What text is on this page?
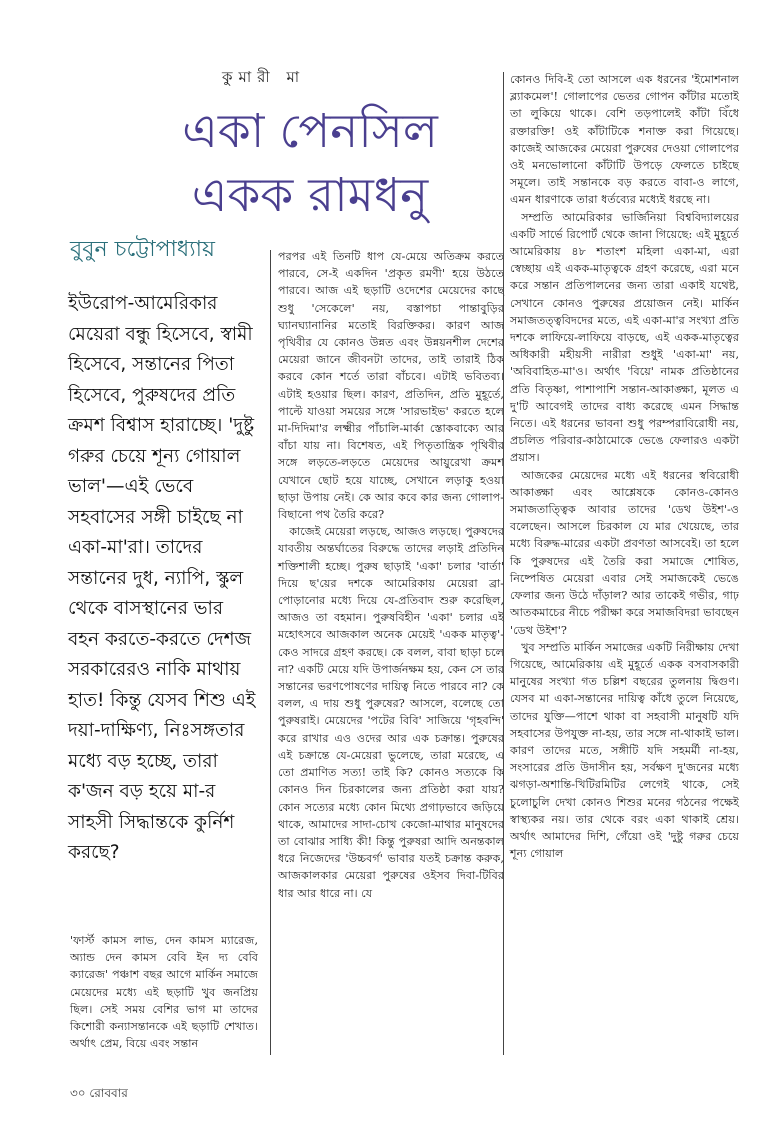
কুমারী মা
একা পেনসিল
একক রামধনু
বুবুন চট্টোপাধ্যায়
ইউরোপ-আমেরিকার মেয়েরা বন্ধু হিসেবে, স্বামী হিসেবে, সন্তানের পিতা হিসেবে, পুরুষদের প্রতি ক্রমশ বিশ্বাস হারাচ্ছে। 'দুষ্টু গরুর চেয়ে শূন্য গোয়াল ভাল'—এই ভেবে সহবাসের সঙ্গী চাইছে না একা-মা'রা। তাদের সন্তানের দুধ, ন্যাপি, স্কুল থেকে বাসস্থানের ভার বহন করতে-করতে দেশজ সরকারেরও নাকি মাথায় হাত! কিন্তু যেসব শিশু এই দয়া-দাক্ষিণ্য, নিঃসঙ্গতার মধ্যে বড় হচ্ছে, তারা ক'জন বড় হয়ে মা-র সাহসী সিদ্ধান্তকে কুর্নিশ করছে?
'ফার্স্ট কামস লাভ, দেন কামস ম্যারেজ, অ্যান্ড দেন কামস বেবি ইন দ্য বেবি ক্যারেজ' পঞ্চাশ বছর আগে মার্কিন সমাজে মেয়েদের মধ্যে এই ছড়াটি খুব জনপ্রিয় ছিল। সেই সময় বেশির ভাগ মা তাদের কিশোরী কন্যাসন্তানকে এই ছড়াটি শেখাত। অর্থাৎ প্রেম, বিয়ে এবং সন্তান

পরপর এই তিনটি ধাপ যে-মেয়ে অতিক্রম করতে পারবে, সে-ই একদিন 'প্রকৃত রমণী' হয়ে উঠতে পারবে। আজ এই ছড়াটি ওদেশের মেয়েদের কাছে শুধু 'সেকেলে' নয়, বস্তাপচা পান্তাবুড়ির ঘ্যানঘ্যানানির মতোই বিরক্তিকর। কারণ আজ পৃথিবীর যে কোনও উন্নত এবং উন্নয়নশীল দেশের মেয়েরা জানে জীবনটা তাদের, তাই তারাই ঠিক করবে কোন শর্তে তারা বাঁচবে। এটাই ভবিতব্য। এটাই হওয়ার ছিল। কারণ, প্রতিদিন, প্রতি মুহূর্তে, পাল্টে যাওয়া সময়ের সঙ্গে 'সারভাইভ' করতে হলে মা-দিদিমা'র লক্ষ্মীর পাঁচালি-মার্কা স্তোকবাক্যে আর বাঁচা যায় না। বিশেষত, এই পিতৃতান্ত্রিক পৃথিবীর সঙ্গে লড়তে-লড়তে মেয়েদের আয়ুরেখা ক্রমশ যেখানে ছোট হয়ে যাচ্ছে, সেখানে লড়াকু হওয়া ছাড়া উপায় নেই। কে আর কবে কার জন্য গোলাপ-বিছানো পথ তৈরি করে?

কাজেই মেয়েরা লড়ছে, আজও লড়ছে। পুরুষদের যাবতীয় অন্তর্ঘাতের বিরুদ্ধে তাদের লড়াই প্রতিদিন শক্তিশালী হচ্ছে। পুরুষ ছাড়াই 'একা' চলার 'বার্তা' দিয়ে ছ'য়ের দশকে আমেরিকায় মেয়েরা ব্রা-পোড়ানোর মধ্যে দিয়ে যে-প্রতিবাদ শুরু করেছিল, আজও তা বহমান। পুরুষবিহীন 'একা' চলার এই মহোৎসবে আজকাল অনেক মেয়েই 'একক মাতৃত্ব'-কেও সাদরে গ্রহণ করছে। কে বলল, বাবা ছাড়া চলে না? একটি মেয়ে যদি উপার্জনক্ষম হয়, কেন সে তার সন্তানের ভরণপোষণের দায়িত্ব নিতে পারবে না? কে বলল, এ দায় শুধু পুরুষের? আসলে, বলেছে তো পুরুষরাই। মেয়েদের 'পটের বিবি' সাজিয়ে 'গৃহবন্দি' করে রাখার এও ওদের আর এক চক্রান্ত। পুরুষের এই চক্রান্তে যে-মেয়েরা ভুলেছে, তারা মরেছে, এ তো প্রমাণিত সত্য! তাই কি? কোনও সত্যকে কি কোনও দিন চিরকালের জন্য প্রতিষ্ঠা করা যায়? কোন সত্যের মধ্যে কোন মিথ্যে প্রগাঢ়ভাবে জড়িয়ে থাকে, আমাদের সাদা-চোখ কেজো-মাথার মানুষদের তা বোঝার সাধ্যি কী! কিন্তু পুরুষরা আদি অনন্তকাল ধরে নিজেদের 'উচ্চবর্গ' ভাবার যতই চক্রান্ত করুক, আজকালকার মেয়েরা পুরুষের ওইসব দিবা-টিবির ধার আর ধারে না। যে

কোনও দিবি-ই তো আসলে এক ধরনের 'ইমোশনাল ব্ল্যাকমেল'! গোলাপের ভেতর গোপন কাঁটার মতোই তা লুকিয়ে থাকে। বেশি তড়পালেই কাঁটা বিঁধে রক্তারক্তি! ওই কাঁটাটিকে শনাক্ত করা গিয়েছে। কাজেই আজকের মেয়েরা পুরুষের দেওয়া গোলাপের ওই মনভোলানো কাঁটাটি উপড়ে ফেলতে চাইছে সমূলে। তাই সন্তানকে বড় করতে বাবা-ও লাগে, এমন ধারণাকে তারা ধর্তব্যের মধ্যেই ধরছে না।

সম্প্রতি আমেরিকার ভার্জিনিয়া বিশ্ববিদ্যালয়ের একটি সার্ভে রিপোর্ট থেকে জানা গিয়েছে: এই মুহূর্তে আমেরিকায় ৪৮ শতাংশ মহিলা একা-মা, এরা স্বেচ্ছায় এই একক-মাতৃত্বকে গ্রহণ করেছে, এরা মনে করে সন্তান প্রতিপালনের জন্য তারা একাই যথেষ্ট, সেখানে কোনও পুরুষের প্রয়োজন নেই। মার্কিন সমাজতত্ত্ববিদদের মতে, এই একা-মা'র সংখ্যা প্রতি দশকে লাফিয়ে-লাফিয়ে বাড়ছে, এই একক-মাতৃত্বের অধিকারী মহীয়সী নারীরা শুধুই 'একা-মা' নয়, 'অবিবাহিত-মা'ও। অর্থাৎ 'বিয়ে' নামক প্রতিষ্ঠানের প্রতি বিতৃষ্ণা, পাশাপাশি সন্তান-আকাঙ্ক্ষা, মূলত এ দু'টি আবেগই তাদের বাধ্য করেছে এমন সিদ্ধান্ত নিতে। এই ধরনের ভাবনা শুধু পরম্পরাবিরোধী নয়, প্রচলিত পরিবার-কাঠামোকে ভেঙে ফেলারও একটা প্রয়াস।

আজকের মেয়েদের মধ্যে এই ধরনের স্ববিরোধী আকাঙ্ক্ষা এবং আশ্লেষকে কোনও-কোনও সমাজতাত্ত্বিক আবার তাদের 'ডেথ উইশ'-ও বলেছেন। আসলে চিরকাল যে মার খেয়েছে, তার মধ্যে বিরুদ্ধ-মারের একটা প্রবণতা আসবেই। তা হলে কি পুরুষদের এই তৈরি করা সমাজে শোষিত, নিষ্পেষিত মেয়েরা এবার সেই সমাজকেই ভেঙে ফেলার জন্য উঠে দাঁড়াল? আর তাকেই গভীর, গাঢ় আতকমাচের নীচে পরীক্ষা করে সমাজবিদরা ভাবছেন 'ডেথ উইশ'?

খুব সম্প্রতি মার্কিন সমাজের একটি নিরীক্ষায় দেখা গিয়েছে, আমেরিকায় এই মুহূর্তে একক বসবাসকারী মানুষের সংখ্যা গত চল্লিশ বছরের তুলনায় দ্বিগুণ। যেসব মা একা-সন্তানের দায়িত্ব কাঁধে তুলে নিয়েছে, তাদের যুক্তি—পাশে থাকা বা সহবাসী মানুষটি যদি সহবাসের উপযুক্ত না-হয়, তার সঙ্গে না-থাকাই ভাল। কারণ তাদের মতে, সঙ্গীটি যদি সহমর্মী না-হয়, সংসারের প্রতি উদাসীন হয়, সর্বক্ষণ দু'জনের মধ্যে ঝগড়া-অশান্তি-খিটিরমিটির লেগেই থাকে, সেই চুলোচুলি দেখা কোনও শিশুর মনের গঠনের পক্ষেই স্বাস্থ্যকর নয়। তার থেকে বরং একা থাকাই শ্রেয়। অর্থাৎ আমাদের দিশি, গেঁয়ো ওই 'দুষ্টু গরুর চেয়ে শূন্য গোয়াল

৩০ রোববার
